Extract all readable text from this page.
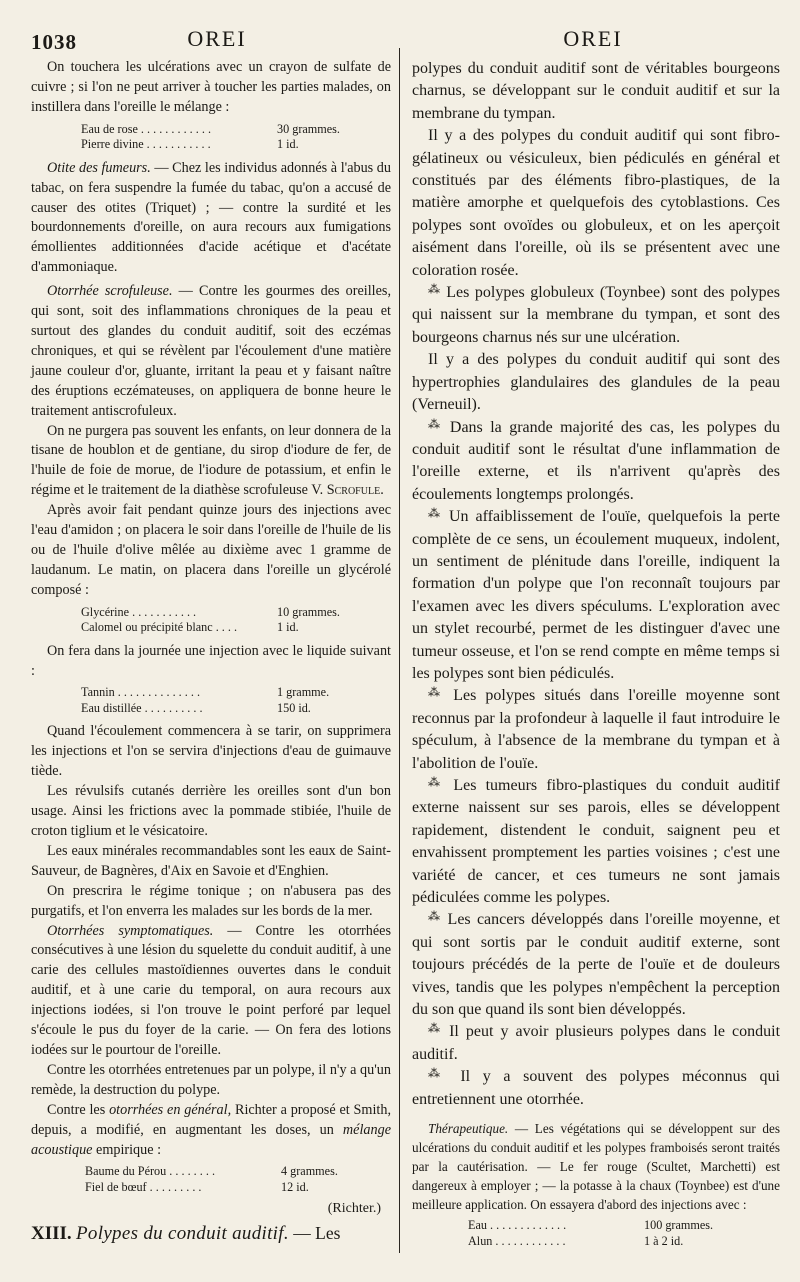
1038	OREI	OREI

On touchera les ulcérations avec un crayon de sulfate de cuivre ; si l'on ne peut arriver à toucher les parties malades, on instillera dans l'oreille le mélange :

Eau de rose . . . . . . . . . . . .	30 grammes.
Pierre divine . . . . . . . . . . .	1 id.

Otite des fumeurs. — Chez les individus adonnés à l'abus du tabac, on fera suspendre la fumée du tabac, qu'on a accusé de causer des otites (Triquet) ; — contre la surdité et les bourdonnements d'oreille, on aura recours aux fumigations émollientes additionnées d'acide acétique et d'acétate d'ammoniaque.

Otorrhée scrofuleuse. — Contre les gourmes des oreilles, qui sont, soit des inflammations chroniques de la peau et surtout des glandes du conduit auditif, soit des eczémas chroniques, et qui se révèlent par l'écoulement d'une matière jaune couleur d'or, gluante, irritant la peau et y faisant naître des éruptions eczémateuses, on appliquera de bonne heure le traitement antiscrofuleux.

On ne purgera pas souvent les enfants, on leur donnera de la tisane de houblon et de gentiane, du sirop d'iodure de fer, de l'huile de foie de morue, de l'iodure de potassium, et enfin le régime et le traitement de la diathèse scrofuleuse V. Scrofule.

Après avoir fait pendant quinze jours des injections avec l'eau d'amidon ; on placera le soir dans l'oreille de l'huile de lis ou de l'huile d'olive mêlée au dixième avec 1 gramme de laudanum. Le matin, on placera dans l'oreille un glycérolé composé :

Glycérine . . . . . . . . . . .	10 grammes.
Calomel ou précipité blanc . . . .	1 id.

On fera dans la journée une injection avec le liquide suivant :

Tannin . . . . . . . . . . . . . .	1 gramme.
Eau distillée . . . . . . . . . .	150 id.

Quand l'écoulement commencera à se tarir, on supprimera les injections et l'on se servira d'injections d'eau de guimauve tiède.

Les révulsifs cutanés derrière les oreilles sont d'un bon usage. Ainsi les frictions avec la pommade stibiée, l'huile de croton tiglium et le vésicatoire.

Les eaux minérales recommandables sont les eaux de Saint-Sauveur, de Bagnères, d'Aix en Savoie et d'Enghien.

On prescrira le régime tonique ; on n'abusera pas des purgatifs, et l'on enverra les malades sur les bords de la mer.

Otorrhées symptomatiques. — Contre les otorrhées consécutives à une lésion du squelette du conduit auditif, à une carie des cellules mastoïdiennes ouvertes dans le conduit auditif, et à une carie du temporal, on aura recours aux injections iodées, si l'on trouve le point perforé par lequel s'écoule le pus du foyer de la carie. — On fera des lotions iodées sur le pourtour de l'oreille.

Contre les otorrhées entretenues par un polype, il n'y a qu'un remède, la destruction du polype.

Contre les otorrhées en général, Richter a proposé et Smith, depuis, a modifié, en augmentant les doses, un mélange acoustique empirique :

Baume du Pérou . . . . . . . .	4 grammes.
Fiel de bœuf . . . . . . . . .	12 id.
(Richter.)
XIII. Polypes du conduit auditif. — Les

polypes du conduit auditif sont de véritables bourgeons charnus, se développant sur le conduit auditif et sur la membrane du tympan.

Il y a des polypes du conduit auditif qui sont fibro-gélatineux ou vésiculeux, bien pédiculés en général et constitués par des éléments fibro-plastiques, de la matière amorphe et quelquefois des cytoblastions. Ces polypes sont ovoïdes ou globuleux, et on les aperçoit aisément dans l'oreille, où ils se présentent avec une coloration rosée.

⁂ Les polypes globuleux (Toynbee) sont des polypes qui naissent sur la membrane du tympan, et sont des bourgeons charnus nés sur une ulcération.

Il y a des polypes du conduit auditif qui sont des hypertrophies glandulaires des glandules de la peau (Verneuil).

⁂ Dans la grande majorité des cas, les polypes du conduit auditif sont le résultat d'une inflammation de l'oreille externe, et ils n'arrivent qu'après des écoulements longtemps prolongés.

⁂ Un affaiblissement de l'ouïe, quelquefois la perte complète de ce sens, un écoulement muqueux, indolent, un sentiment de plénitude dans l'oreille, indiquent la formation d'un polype que l'on reconnaît toujours par l'examen avec les divers spéculums. L'exploration avec un stylet recourbé, permet de les distinguer d'avec une tumeur osseuse, et l'on se rend compte en même temps si les polypes sont bien pédiculés.

⁂ Les polypes situés dans l'oreille moyenne sont reconnus par la profondeur à laquelle il faut introduire le spéculum, à l'absence de la membrane du tympan et à l'abolition de l'ouïe.

⁂ Les tumeurs fibro-plastiques du conduit auditif externe naissent sur ses parois, elles se développent rapidement, distendent le conduit, saignent peu et envahissent promptement les parties voisines ; c'est une variété de cancer, et ces tumeurs ne sont jamais pédiculées comme les polypes.

⁂ Les cancers développés dans l'oreille moyenne, et qui sont sortis par le conduit auditif externe, sont toujours précédés de la perte de l'ouïe et de douleurs vives, tandis que les polypes n'empêchent la perception du son que quand ils sont bien développés.

⁂ Il peut y avoir plusieurs polypes dans le conduit auditif.

⁂ Il y a souvent des polypes méconnus qui entretiennent une otorrhée.

Thérapeutique. — Les végétations qui se développent sur des ulcérations du conduit auditif et les polypes framboisés seront traités par la cautérisation. — Le fer rouge (Scultet, Marchetti) est dangereux à employer ; — la potasse à la chaux (Toynbee) est d'une meilleure application. On essayera d'abord des injections avec :

Eau . . . . . . . . . . . . .	100 grammes.
Alun . . . . . . . . . . . .	1 à 2 id.
